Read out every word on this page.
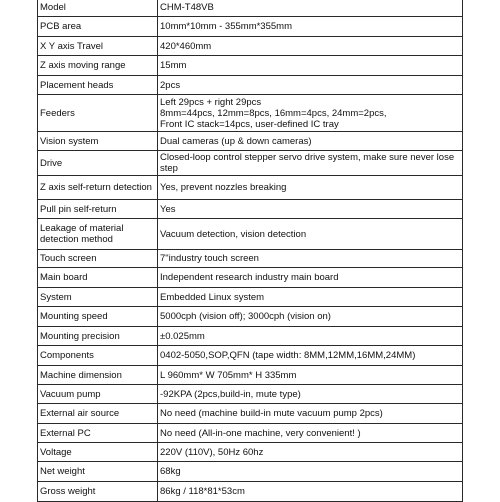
Model	CHM-T48VB
PCB area	10mm*10mm - 355mm*355mm
X Y axis Travel	420*460mm
Z axis moving range	15mm
Placement heads	2pcs
Feeders	Left 29pcs + right 29pcs
8mm=44pcs, 12mm=8pcs, 16mm=4pcs, 24mm=2pcs,
Front IC stack=14pcs, user-defined IC tray
Vision system	Dual cameras (up & down cameras)
Drive	Closed-loop control stepper servo drive system, make sure never lose step
Z axis self-return detection	Yes, prevent nozzles breaking
Pull pin self-return	Yes
Leakage of material detection method	Vacuum detection, vision detection
Touch screen	7"industry touch screen
Main board	Independent research industry main board
System	Embedded Linux system
Mounting speed	5000cph (vision off); 3000cph (vision on)
Mounting precision	±0.025mm
Components	0402-5050,SOP,QFN (tape width: 8MM,12MM,16MM,24MM)
Machine dimension	L 960mm* W 705mm* H 335mm
Vacuum pump	-92KPA (2pcs,build-in, mute type)
External air source	No need (machine build-in mute vacuum pump 2pcs)
External PC	No need (All-in-one machine, very convenient! )
Voltage	220V (110V), 50Hz 60hz
Net weight	68kg
Gross weight	86kg / 118*81*53cm
